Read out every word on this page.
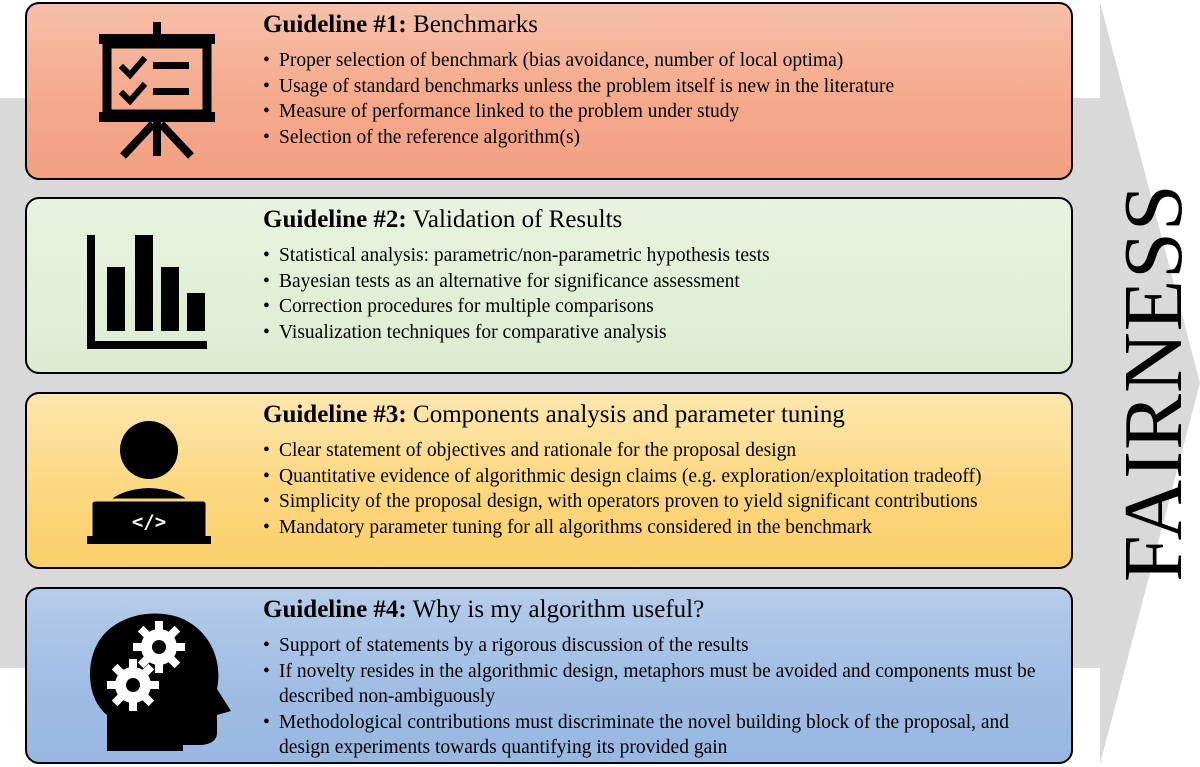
Guideline #1: Benchmarks
• Proper selection of benchmark (bias avoidance, number of local optima)
• Usage of standard benchmarks unless the problem itself is new in the literature
• Measure of performance linked to the problem under study
• Selection of the reference algorithm(s)
Guideline #2: Validation of Results
• Statistical analysis: parametric/non-parametric hypothesis tests
• Bayesian tests as an alternative for significance assessment
• Correction procedures for multiple comparisons
• Visualization techniques for comparative analysis
</>
Guideline #3: Components analysis and parameter tuning
• Clear statement of objectives and rationale for the proposal design
• Quantitative evidence of algorithmic design claims (e.g. exploration/exploitation tradeoff)
• Simplicity of the proposal design, with operators proven to yield significant contributions
• Mandatory parameter tuning for all algorithms considered in the benchmark
Guideline #4: Why is my algorithm useful?
• Support of statements by a rigorous discussion of the results
• If novelty resides in the algorithmic design, metaphors must be avoided and components must be described non-ambiguously
• Methodological contributions must discriminate the novel building block of the proposal, and design experiments towards quantifying its provided gain
FAIRNESS
